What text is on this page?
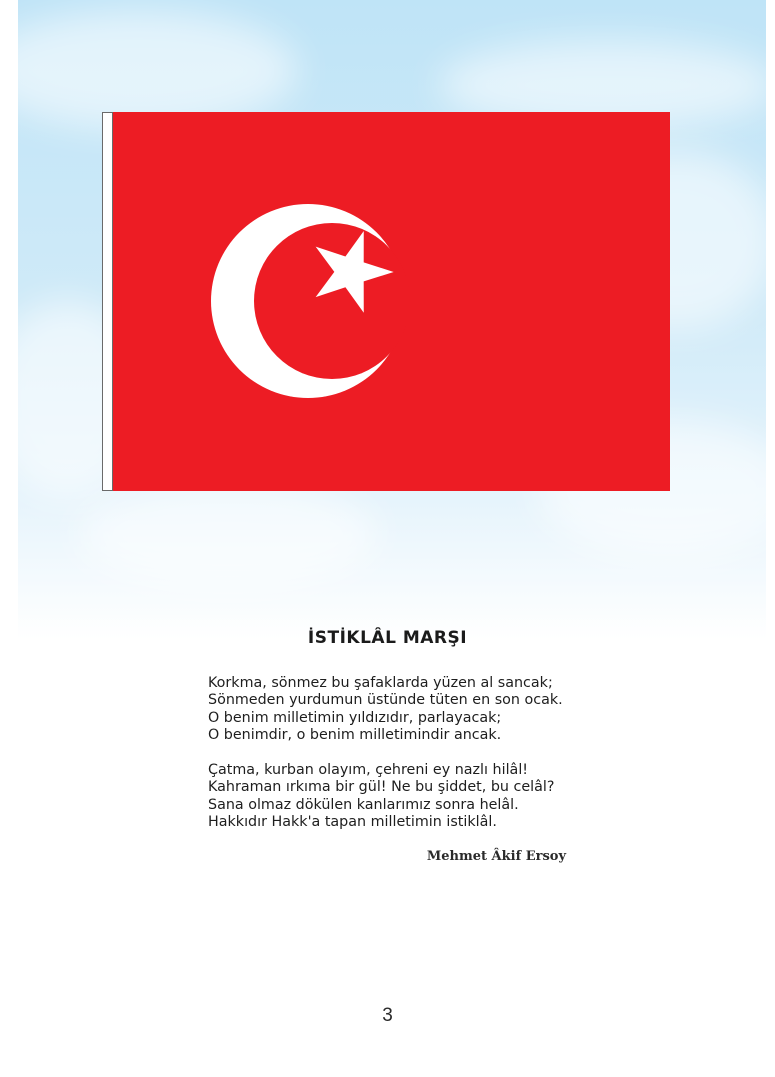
İSTİKLÂL MARŞI
Korkma, sönmez bu şafaklarda yüzen al sancak;
Sönmeden yurdumun üstünde tüten en son ocak.
O benim milletimin yıldızıdır, parlayacak;
O benimdir, o benim milletimindir ancak.
Çatma, kurban olayım, çehreni ey nazlı hilâl!
Kahraman ırkıma bir gül! Ne bu şiddet, bu celâl?
Sana olmaz dökülen kanlarımız sonra helâl.
Hakkıdır Hakk'a tapan milletimin istiklâl.
Mehmet Âkif Ersoy
3
